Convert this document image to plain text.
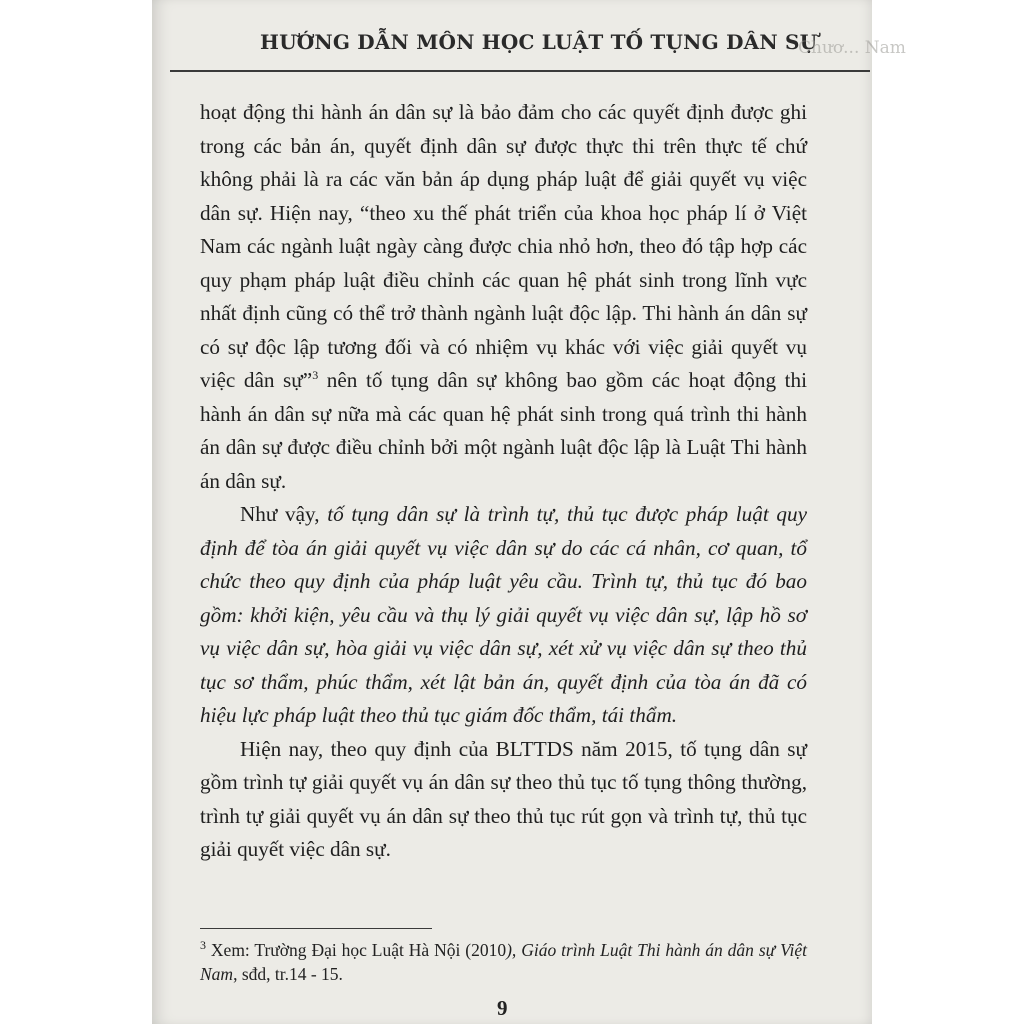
HƯỚNG DẪN MÔN HỌC LUẬT TỐ TỤNG DÂN SỰ
Chươ... Nam

hoạt động thi hành án dân sự là bảo đảm cho các quyết định được ghi trong các bản án, quyết định dân sự được thực thi trên thực tế chứ không phải là ra các văn bản áp dụng pháp luật để giải quyết vụ việc dân sự. Hiện nay, “theo xu thế phát triển của khoa học pháp lí ở Việt Nam các ngành luật ngày càng được chia nhỏ hơn, theo đó tập hợp các quy phạm pháp luật điều chỉnh các quan hệ phát sinh trong lĩnh vực nhất định cũng có thể trở thành ngành luật độc lập. Thi hành án dân sự có sự độc lập tương đối và có nhiệm vụ khác với việc giải quyết vụ việc dân sự”$^3$ nên tố tụng dân sự không bao gồm các hoạt động thi hành án dân sự nữa mà các quan hệ phát sinh trong quá trình thi hành án dân sự được điều chỉnh bởi một ngành luật độc lập là Luật Thi hành án dân sự.

Như vậy, tố tụng dân sự là trình tự, thủ tục được pháp luật quy định để tòa án giải quyết vụ việc dân sự do các cá nhân, cơ quan, tổ chức theo quy định của pháp luật yêu cầu. Trình tự, thủ tục đó bao gồm: khởi kiện, yêu cầu và thụ lý giải quyết vụ việc dân sự, lập hồ sơ vụ việc dân sự, hòa giải vụ việc dân sự, xét xử vụ việc dân sự theo thủ tục sơ thẩm, phúc thẩm, xét lật bản án, quyết định của tòa án đã có hiệu lực pháp luật theo thủ tục giám đốc thẩm, tái thẩm.

Hiện nay, theo quy định của BLTTDS năm 2015, tố tụng dân sự gồm trình tự giải quyết vụ án dân sự theo thủ tục tố tụng thông thường, trình tự giải quyết vụ án dân sự theo thủ tục rút gọn và trình tự, thủ tục giải quyết việc dân sự.

$^3$ Xem: Trường Đại học Luật Hà Nội (2010), Giáo trình Luật Thi hành án dân sự Việt Nam, sđd, tr.14 - 15.

9
